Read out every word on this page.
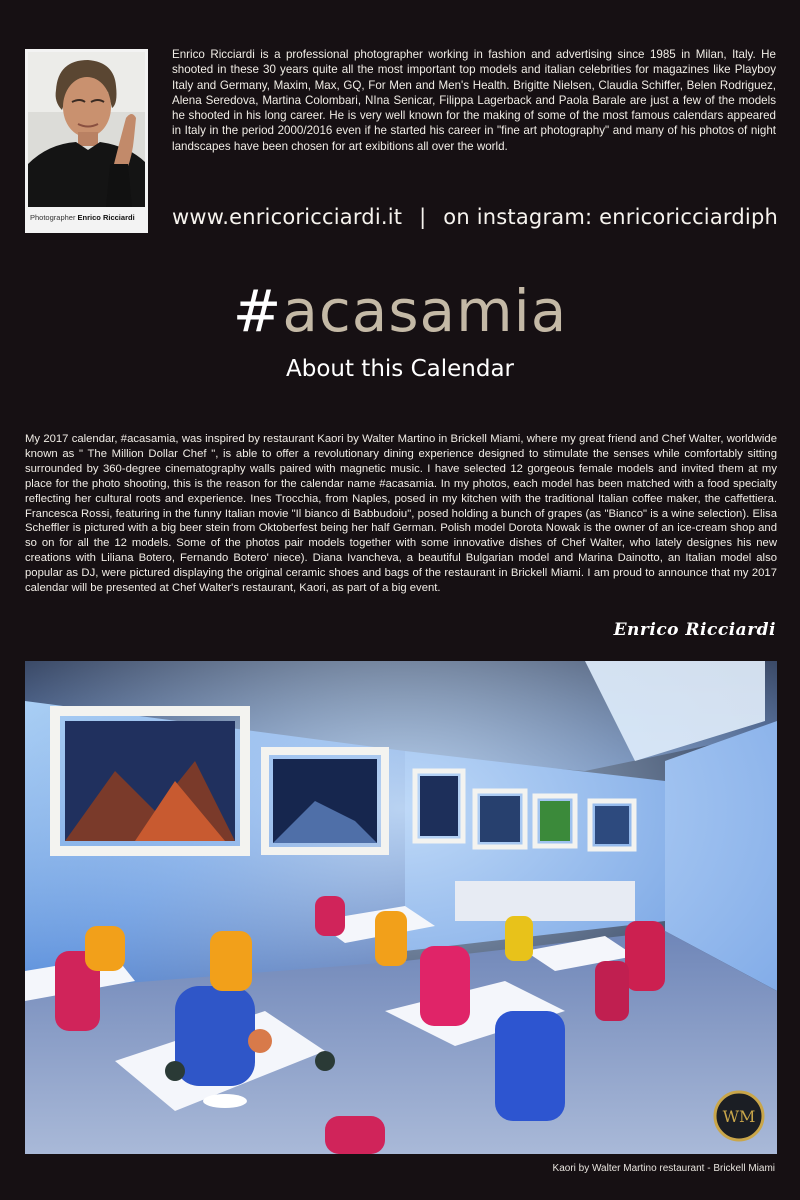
Photographer Enrico Ricciardi

Enrico Ricciardi is a professional photographer working in fashion and advertising since 1985 in Milan, Italy. He shooted in these 30 years quite all the most important top models and italian celebrities for magazines like Playboy Italy and Germany, Maxim, Max, GQ, For Men and Men's Health. Brigitte Nielsen, Claudia Schiffer, Belen Rodriguez, Alena Seredova, Martina Colombari, NIna Senicar, Filippa Lagerback and Paola Barale are just a few of the models he shooted in his long career. He is very well known for the making of some of the most famous calendars appeared in Italy in the period 2000/2016 even if he started his career in "fine art photography" and many of his photos of night landscapes have been chosen for art exibitions all over the world.

www.enricoricciardi.it | on instagram: enricoricciardiph
#acasamia
About this Calendar

My 2017 calendar, #acasamia, was inspired by restaurant Kaori by Walter Martino in Brickell Miami, where my great friend and Chef Walter, worldwide known as " The Million Dollar Chef ", is able to offer a revolutionary dining experience designed to stimulate the senses while comfortably sitting surrounded by 360-degree cinematography walls paired with magnetic music. I have selected 12 gorgeous female models and invited them at my place for the photo shooting, this is the reason for the calendar name #acasamia. In my photos, each model has been matched with a food specialty reflecting her cultural roots and experience. Ines Trocchia, from Naples, posed in my kitchen with the traditional Italian coffee maker, the caffettiera. Francesca Rossi, featuring in the funny Italian movie "Il bianco di Babbudoiu", posed holding a bunch of grapes (as "Bianco" is a wine selection). Elisa Scheffler is pictured with a big beer stein from Oktoberfest being her half German. Polish model Dorota Nowak is the owner of an ice-cream shop and so on for all the 12 models. Some of the photos pair models together with some innovative dishes of Chef Walter, who lately designes his new creations with Liliana Botero, Fernando Botero' niece). Diana Ivancheva, a beautiful Bulgarian model and Marina Dainotto, an Italian model also popular as DJ, were pictured displaying the original ceramic shoes and bags of the restaurant in Brickell Miami. I am proud to announce that my 2017 calendar will be presented at Chef Walter's restaurant, Kaori, as part of a big event.

Enrico Ricciardi
WM
Kaori by Walter Martino restaurant - Brickell Miami
